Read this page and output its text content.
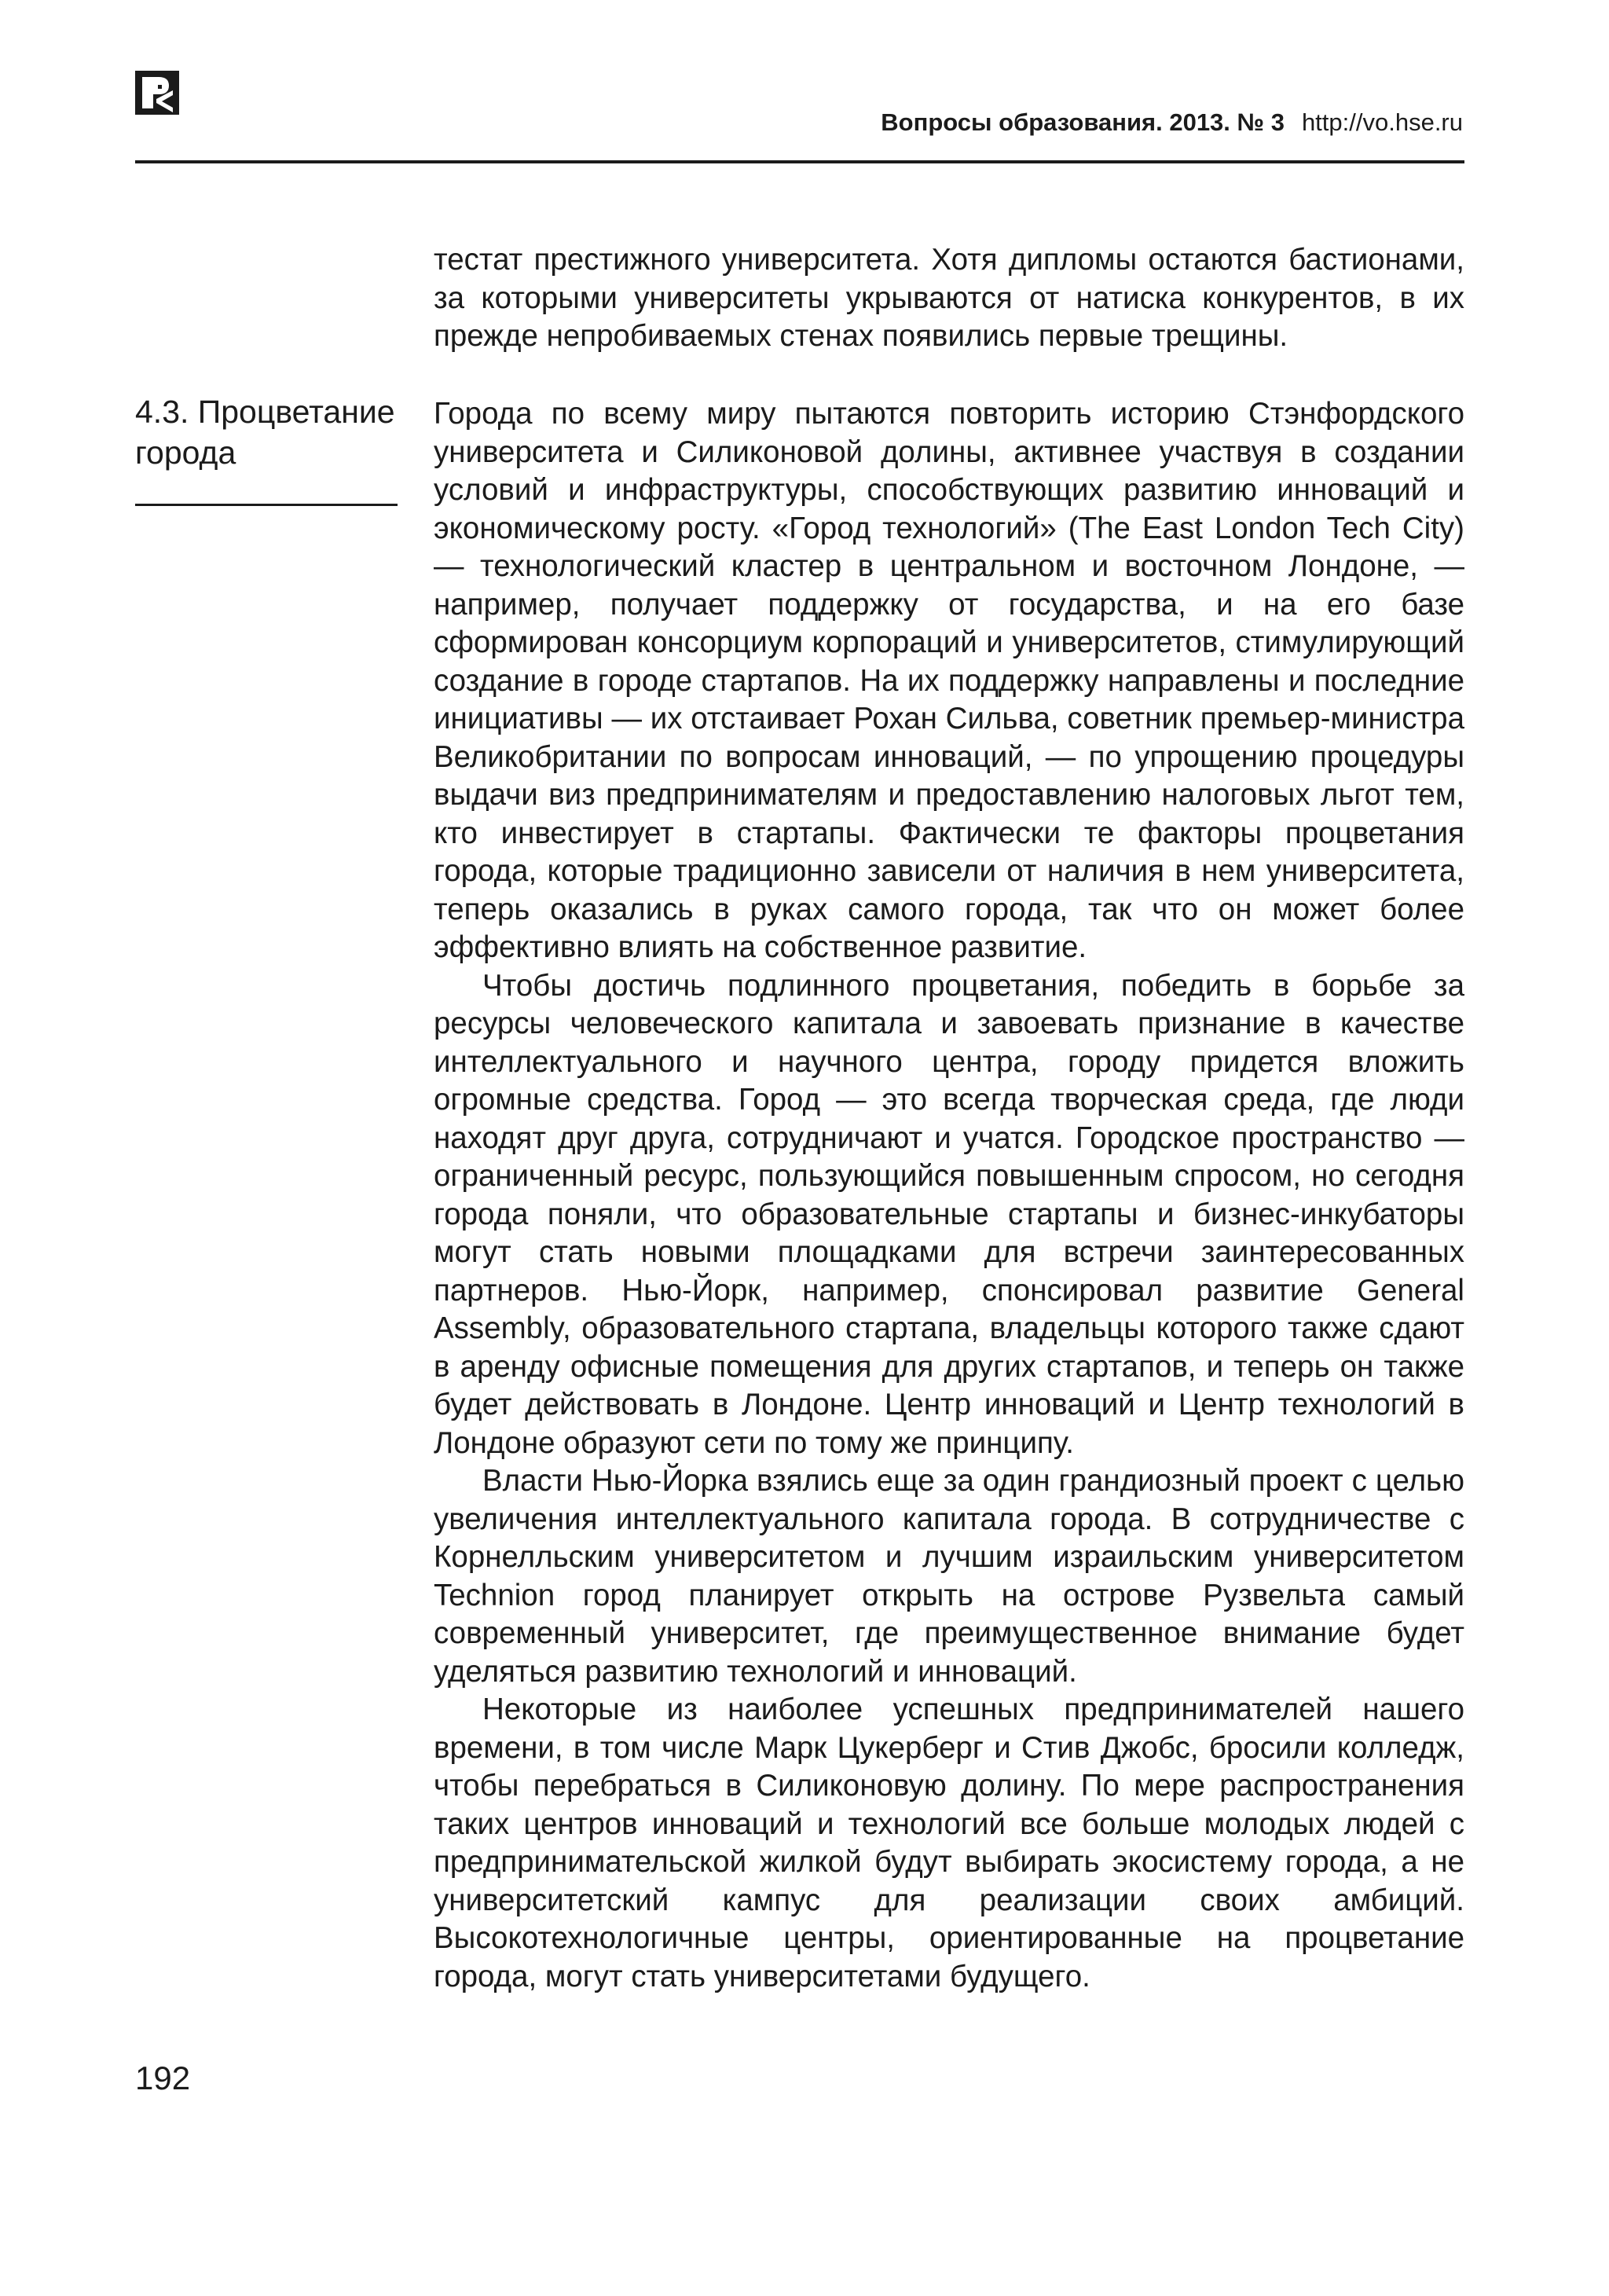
Вопросы образования. 2013. № 3 http://vo.hse.ru

тестат престижного университета. Хотя дипломы остаются бастионами, за которыми университеты укрываются от натиска конкурентов, в их прежде непробиваемых стенах появились первые трещины.

4.3. Процветание города

Города по всему миру пытаются повторить историю Стэнфордского университета и Силиконовой долины, активнее участвуя в создании условий и инфраструктуры, способствующих развитию инноваций и экономическому росту. «Город технологий» (The East London Tech City) — технологический кластер в центральном и восточном Лондоне, — например, получает поддержку от государства, и на его базе сформирован консорциум корпораций и университетов, стимулирующий создание в городе стартапов. На их поддержку направлены и последние инициативы — их отстаивает Рохан Сильва, советник премьер-министра Великобритании по вопросам инноваций, — по упрощению процедуры выдачи виз предпринимателям и предоставлению налоговых льгот тем, кто инвестирует в стартапы. Фактически те факторы процветания города, которые традиционно зависели от наличия в нем университета, теперь оказались в руках самого города, так что он может более эффективно влиять на собственное развитие.

Чтобы достичь подлинного процветания, победить в борьбе за ресурсы человеческого капитала и завоевать признание в качестве интеллектуального и научного центра, городу придется вложить огромные средства. Город — это всегда творческая среда, где люди находят друг друга, сотрудничают и учатся. Городское пространство — ограниченный ресурс, пользующийся повышенным спросом, но сегодня города поняли, что образовательные стартапы и бизнес-инкубаторы могут стать новыми площадками для встречи заинтересованных партнеров. Нью-Йорк, например, спонсировал развитие General Assembly, образовательного стартапа, владельцы которого также сдают в аренду офисные помещения для других стартапов, и теперь он также будет действовать в Лондоне. Центр инноваций и Центр технологий в Лондоне образуют сети по тому же принципу.

Власти Нью-Йорка взялись еще за один грандиозный проект с целью увеличения интеллектуального капитала города. В сотрудничестве с Корнелльским университетом и лучшим израильским университетом Technion город планирует открыть на острове Рузвельта самый современный университет, где преимущественное внимание будет уделяться развитию технологий и инноваций.

Некоторые из наиболее успешных предпринимателей нашего времени, в том числе Марк Цукерберг и Стив Джобс, бросили колледж, чтобы перебраться в Силиконовую долину. По мере распространения таких центров инноваций и технологий все больше молодых людей с предпринимательской жилкой будут выбирать экосистему города, а не университетский кампус для реализации своих амбиций. Высокотехнологичные центры, ориентированные на процветание города, могут стать университетами будущего.

192
